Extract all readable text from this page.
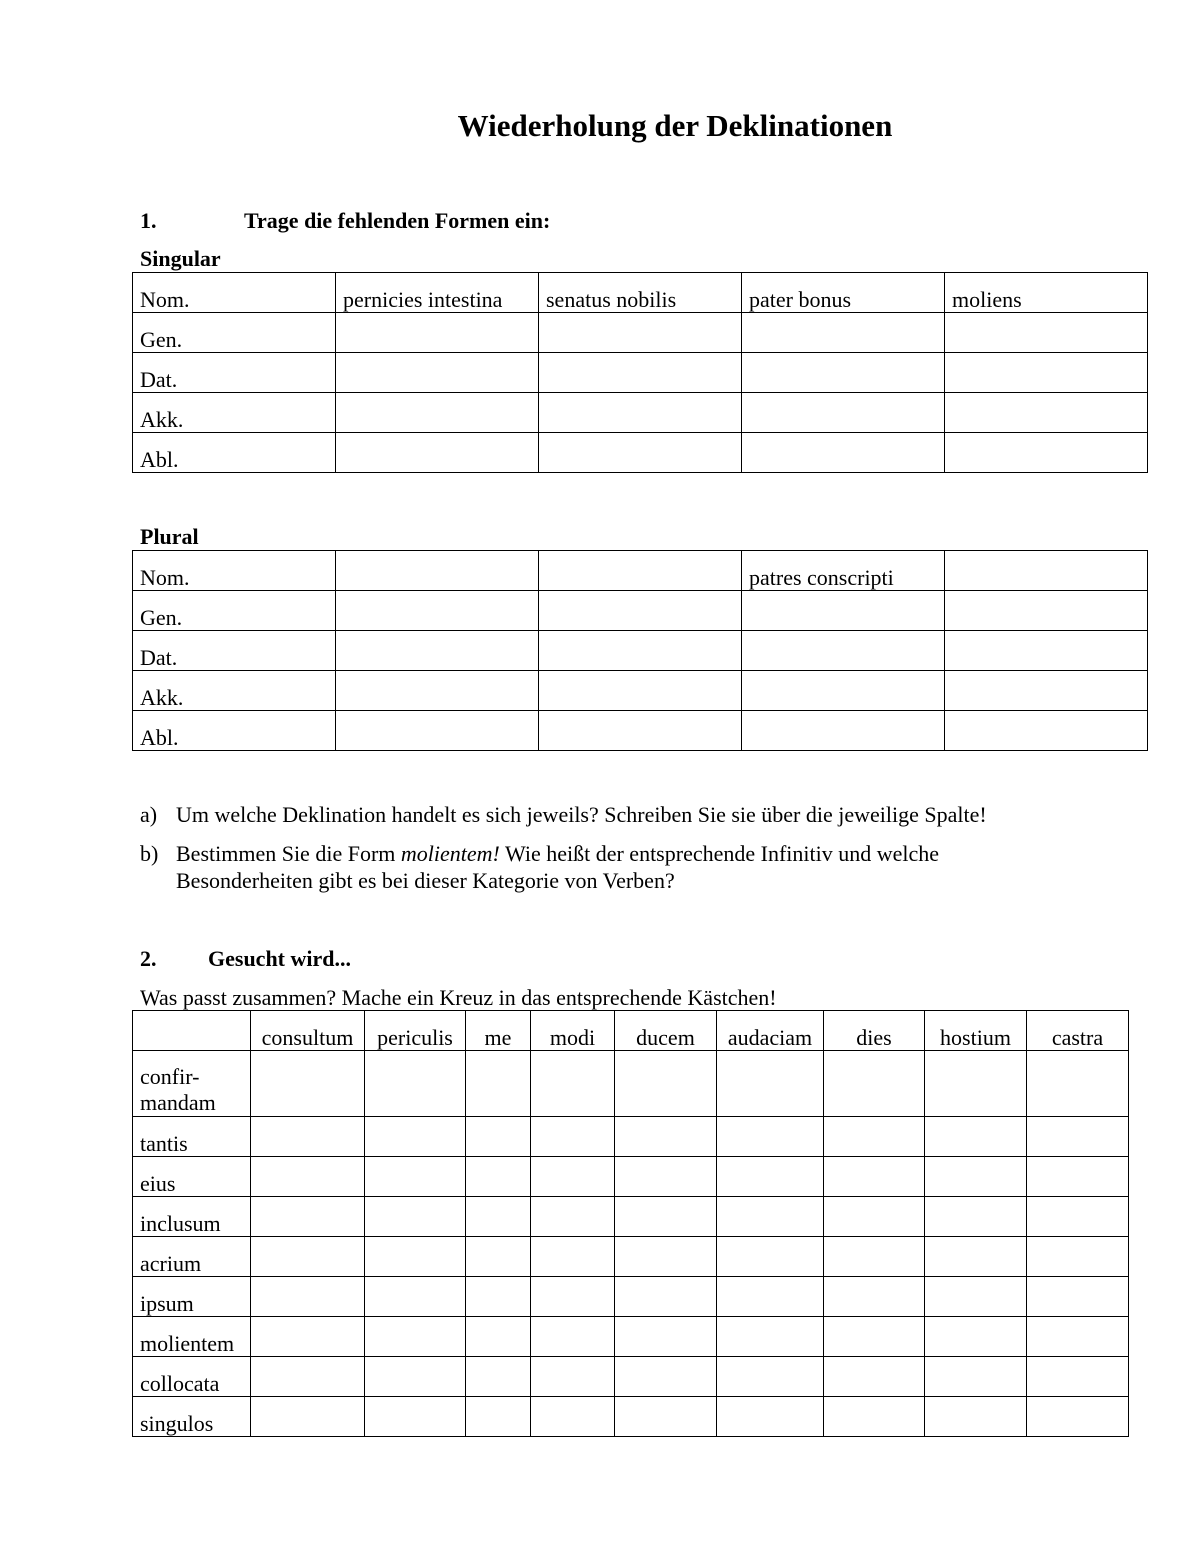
Wiederholung der Deklinationen
1.	Trage die fehlenden Formen ein:
Singular
Nom.	pernicies intestina	senatus nobilis	pater bonus	moliens
Gen.				
Dat.				
Akk.				
Abl.				
Plural
Nom.			patres conscripti	
Gen.				
Dat.				
Akk.				
Abl.				
a) Um welche Deklination handelt es sich jeweils? Schreiben Sie sie über die jeweilige Spalte!
b) Bestimmen Sie die Form molientem! Wie heißt der entsprechende Infinitiv und welche
Besonderheiten gibt es bei dieser Kategorie von Verben?
2. Gesucht wird...
Was passt zusammen? Mache ein Kreuz in das entsprechende Kästchen!
	consultum	periculis	me	modi	ducem	audaciam	dies	hostium	castra
confir-
mandam									
tantis									
eius									
inclusum									
acrium									
ipsum									
molientem									
collocata									
singulos									
